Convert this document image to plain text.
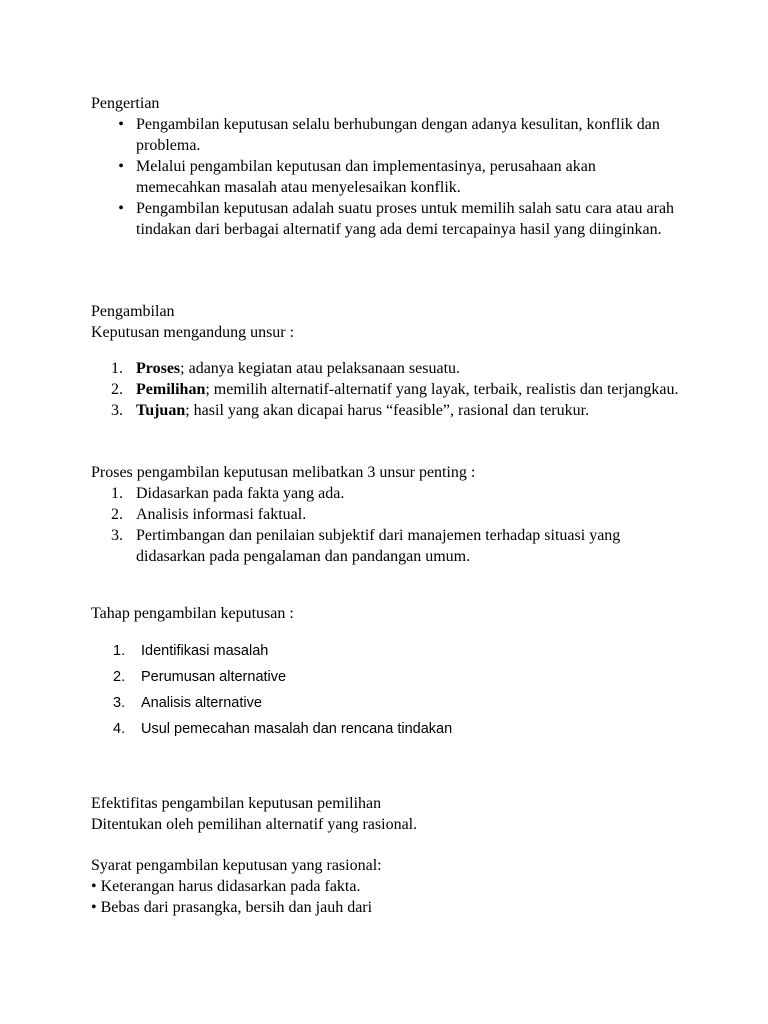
Pengertian
• Pengambilan keputusan selalu berhubungan dengan adanya kesulitan, konflik dan problema.
• Melalui pengambilan keputusan dan implementasinya, perusahaan akan memecahkan masalah atau menyelesaikan konflik.
• Pengambilan keputusan adalah suatu proses untuk memilih salah satu cara atau arah tindakan dari berbagai alternatif yang ada demi tercapainya hasil yang diinginkan.
Pengambilan
Keputusan mengandung unsur :
1. Proses; adanya kegiatan atau pelaksanaan sesuatu.
2. Pemilihan; memilih alternatif-alternatif yang layak, terbaik, realistis dan terjangkau.
3. Tujuan; hasil yang akan dicapai harus “feasible”, rasional dan terukur.
Proses pengambilan keputusan melibatkan 3 unsur penting :
1. Didasarkan pada fakta yang ada.
2. Analisis informasi faktual.
3. Pertimbangan dan penilaian subjektif dari manajemen terhadap situasi yang didasarkan pada pengalaman dan pandangan umum.
Tahap pengambilan keputusan :
1. Identifikasi masalah
2. Perumusan alternative
3. Analisis alternative
4. Usul pemecahan masalah dan rencana tindakan
Efektifitas pengambilan keputusan pemilihan
Ditentukan oleh pemilihan alternatif yang rasional.
Syarat pengambilan keputusan yang rasional:
• Keterangan harus didasarkan pada fakta.
• Bebas dari prasangka, bersih dan jauh dari
